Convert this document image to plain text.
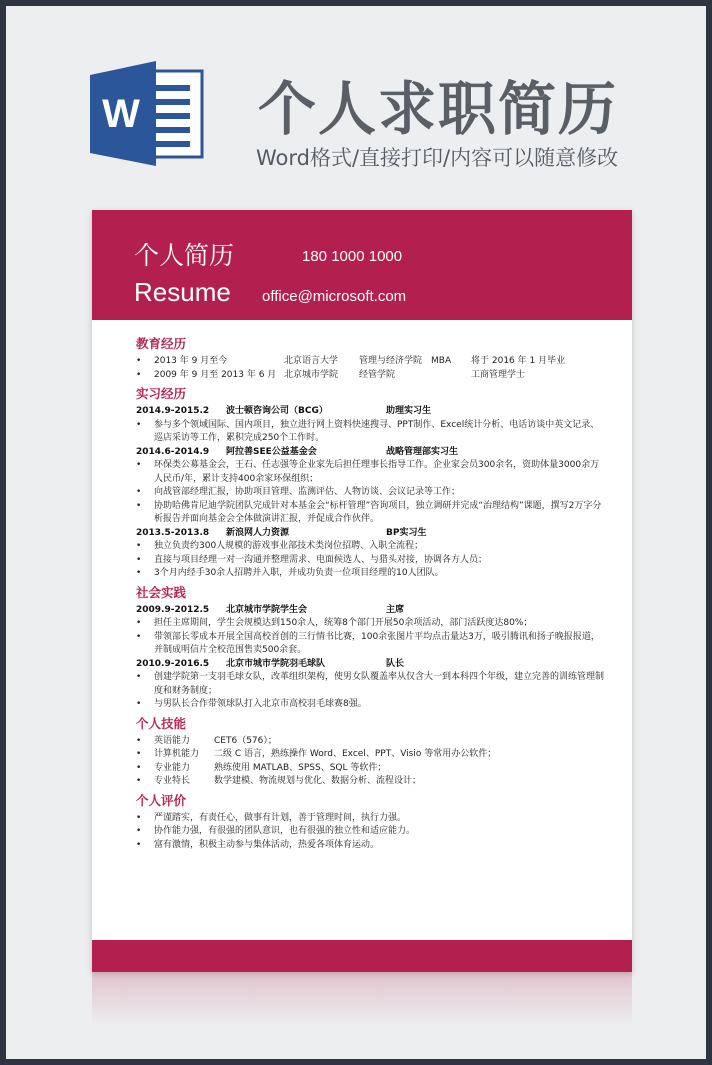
W 个人求职简历
Word格式/直接打印/内容可以随意修改
个人简历
Resume
180 1000 1000
office@microsoft.com
教育经历
•	2013 年 9 月至今	北京语言大学	管理与经济学院 MBA	将于 2016 年 1 月毕业
•	2009 年 9 月至 2013 年 6 月 北京城市学院	经管学院	工商管理学士
实习经历
2014.9-2015.2	波士顿咨询公司（BCG）	助理实习生
•	参与多个领域国际、国内项目，独立进行网上资料快速搜寻、PPT制作、Excel统计分析、电话访谈中英文记录、巡店采访等工作，累积完成250个工作时。
2014.6-2014.9	阿拉善SEE公益基金会	战略管理部实习生
•	环保类公募基金会，王石、任志强等企业家先后担任理事长指导工作。企业家会员300余名，资助体量3000余万人民币/年，累计支持400余家环保组织；
•	向战管部经理汇报，协助项目管理、监测评估、人物访谈、会议记录等工作；
•	协助哈佛肯尼迪学院团队完成针对本基金会“标杆管理”咨询项目，独立调研并完成“治理结构”课题，撰写2万字分析报告并面向基金会全体做演讲汇报，并促成合作伙伴。
2013.5-2013.8	新浪网人力资源	BP实习生
•	独立负责约300人规模的游戏事业部技术类岗位招聘、入职全流程；
•	直接与项目经理一对一沟通并整理需求、电面候选人、与猎头对接，协调各方人员；
•	3个月内经手30余人招聘并入职，并成功负责一位项目经理的10人团队。
社会实践
2009.9-2012.5	北京城市学院学生会	主席
•	担任主席期间，学生会规模达到150余人，统筹8个部门开展50余项活动，部门活跃度达80%；
•	带领部长零成本开展全国高校首创的三行情书比赛，100余张图片平均点击量达3万，吸引腾讯和扬子晚报报道，并制成明信片全校范围售卖500余套。
2010.9-2016.5	北京市城市学院羽毛球队	队长
•	创建学院第一支羽毛球女队，改革组织架构，使男女队覆盖率从仅含大一到本科四个年级，建立完善的训练管理制度和财务制度；
•	与男队长合作带领球队打入北京市高校羽毛球赛8强。
个人技能
•	英语能力	CET6（576）；
•	计算机能力	二级 C 语言，熟练操作 Word、Excel、PPT、Visio 等常用办公软件；
•	专业能力	熟练使用 MATLAB、SPSS、SQL 等软件；
•	专业特长	数学建模、物流规划与优化、数据分析、流程设计；
个人评价
•	严谨踏实，有责任心，做事有计划，善于管理时间，执行力强。
•	协作能力强，有很强的团队意识，也有很强的独立性和适应能力。
•	富有激情，积极主动参与集体活动，热爱各项体育运动。
